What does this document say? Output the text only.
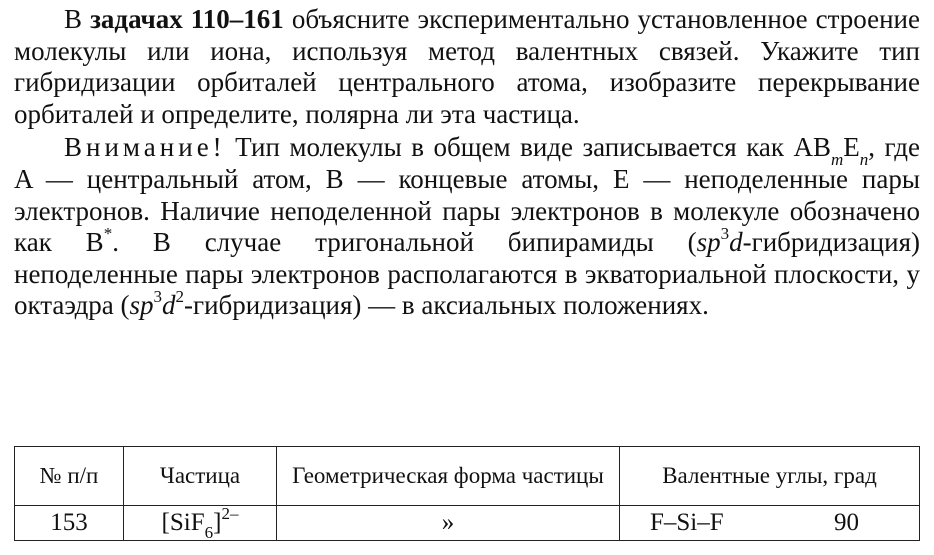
В задачах 110–161 объясните экспериментально установленное строение молекулы или иона, используя метод валентных связей. Укажите тип гибридизации орбиталей центрального атома, изобразите перекрывание орбиталей и определите, полярна ли эта частица.

Внимание! Тип молекулы в общем виде записывается как $AB_mE_n$, где A — центральный атом, B — концевые атомы, E — неподеленные пары электронов. Наличие неподеленной пары электронов в молекуле обозначено как B*. В случае тригональной бипирамиды $(sp^3d-гибридизация)$ неподеленные пары электронов располагаются в экваториальной плоскости, у октаэдра $(sp^3d^2-гибридизация)$ — в аксиальных положениях.

№ п/п	Частица	Геометрическая форма частицы	Валентные углы, град
153	$[SiF_6]^{2-}$	»	F–Si–F 90
